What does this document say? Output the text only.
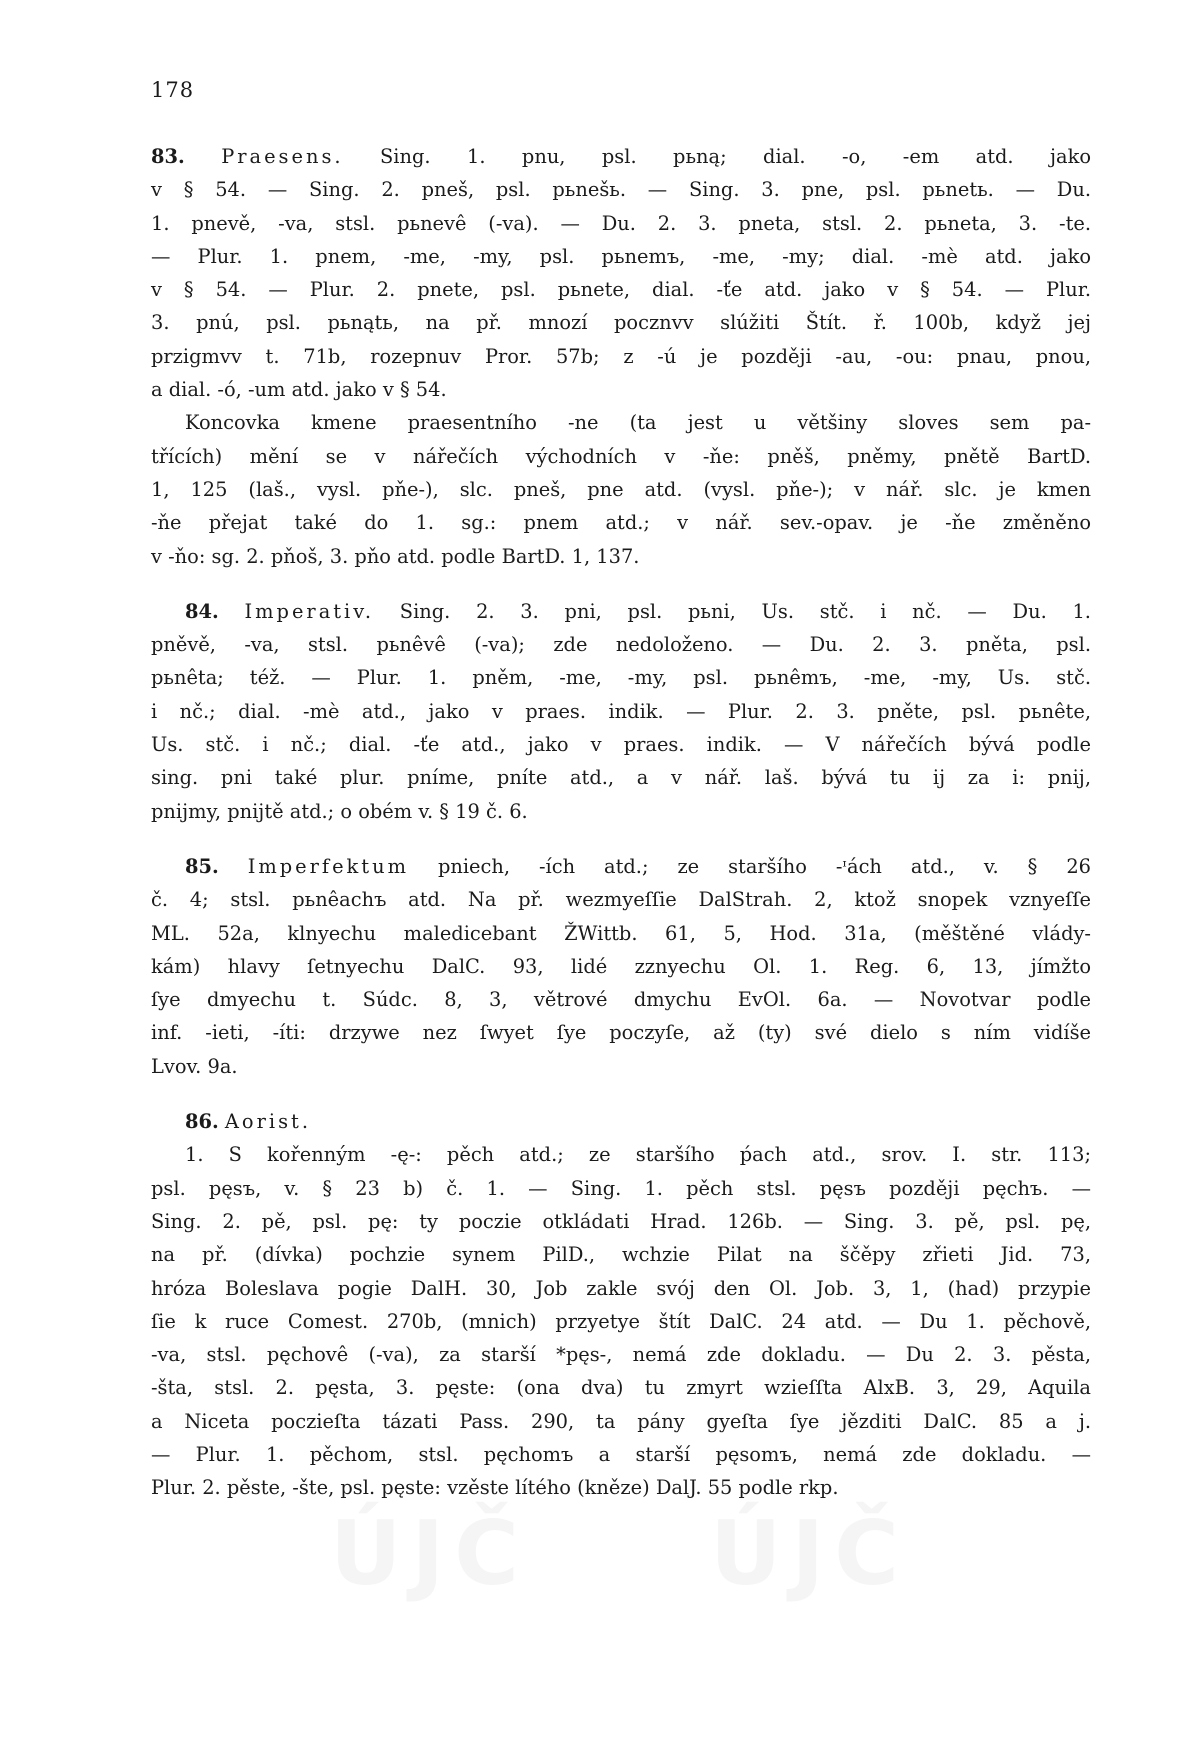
178
83. Praesens. Sing. 1. pnu, psl. pьną; dial. -o, -em atd. jako
v § 54. — Sing. 2. pneš, psl. pьnešь. — Sing. 3. pne, psl. pьnetь. — Du.
1. pnevě, -va, stsl. pьnevê (-va). — Du. 2. 3. pneta, stsl. 2. pьneta, 3. -te.
— Plur. 1. pnem, -me, -my, psl. pьnemъ, -me, -my; dial. -mè atd. jako
v § 54. — Plur. 2. pnete, psl. pьnete, dial. -ťe atd. jako v § 54. — Plur.
3. pnú, psl. pьnątь, na př. mnozí pocznvv slúžiti Štít. ř. 100b, když jej
przigmvv t. 71b, rozepnuv Pror. 57b; z -ú je později -au, -ou: pnau, pnou,
a dial. -ó, -um atd. jako v § 54.
Koncovka kmene praesentního -ne (ta jest u většiny sloves sem pa-
třících) mění se v nářečích východních v -ňe: pněš, pněmy, pnětě BartD.
1, 125 (laš., vysl. pňe-), slc. pneš, pne atd. (vysl. pňe-); v nář. slc. je kmen
-ňe přejat také do 1. sg.: pnem atd.; v nář. sev.-opav. je -ňe změněno
v -ňo: sg. 2. pňoš, 3. pňo atd. podle BartD. 1, 137.
84. Imperativ. Sing. 2. 3. pni, psl. pьni, Us. stč. i nč. — Du. 1.
pněvě, -va, stsl. pьnêvê (-va); zde nedoloženo. — Du. 2. 3. pněta, psl.
pьnêta; též. — Plur. 1. pněm, -me, -my, psl. pьnêmъ, -me, -my, Us. stč.
i nč.; dial. -mè atd., jako v praes. indik. — Plur. 2. 3. pněte, psl. pьnête,
Us. stč. i nč.; dial. -ťe atd., jako v praes. indik. — V nářečích bývá podle
sing. pni také plur. pníme, pníte atd., a v nář. laš. bývá tu ij za i: pnij,
pnijmy, pnijtě atd.; o obém v. § 19 č. 6.
85. Imperfektum pniech, -ích atd.; ze staršího -ᶦách atd., v. § 26
č. 4; stsl. pьnêachъ atd. Na př. wezmyeſſie DalStrah. 2, ktož snopek vznyeſſe
ML. 52a, klnyechu maledicebant ŽWittb. 61, 5, Hod. 31a, (měštěné vlády-
kám) hlavy ſetnyechu DalC. 93, lidé zznyechu Ol. 1. Reg. 6, 13, jímžto
ſye dmyechu t. Súdc. 8, 3, větrové dmychu EvOl. 6a. — Novotvar podle
inf. -ieti, -íti: drzywe nez ſwyet ſye poczyſe, až (ty) své dielo s ním vidíše
Lvov. 9a.
86. Aorist.
1. S kořenným -ę-: pěch atd.; ze staršího ṕach atd., srov. I. str. 113;
psl. pęsъ, v. § 23 b) č. 1. — Sing. 1. pěch stsl. pęsъ později pęchъ. —
Sing. 2. pě, psl. pę: ty poczie otkládati Hrad. 126b. — Sing. 3. pě, psl. pę,
na př. (dívka) pochzie synem PilD., wchzie Pilat na ščěpy zřieti Jid. 73,
hróza Boleslava pogie DalH. 30, Job zakle svój den Ol. Job. 3, 1, (had) przypie
ſie k ruce Comest. 270b, (mnich) przyetye štít DalC. 24 atd. — Du 1. pěchově,
-va, stsl. pęchovê (-va), za starší *pęs-, nemá zde dokladu. — Du 2. 3. pěsta,
-šta, stsl. 2. pęsta, 3. pęste: (ona dva) tu zmyrt wzieſſta AlxB. 3, 29, Aquila
a Niceta poczieſta tázati Pass. 290, ta pány gyeſta ſye jězditi DalC. 85 a j.
— Plur. 1. pěchom, stsl. pęchomъ a starší pęsomъ, nemá zde dokladu. —
Plur. 2. pěste, -šte, psl. pęste: vzěste lítého (kněze) DalJ. 55 podle rkp.
ÚJČ ÚJČ
